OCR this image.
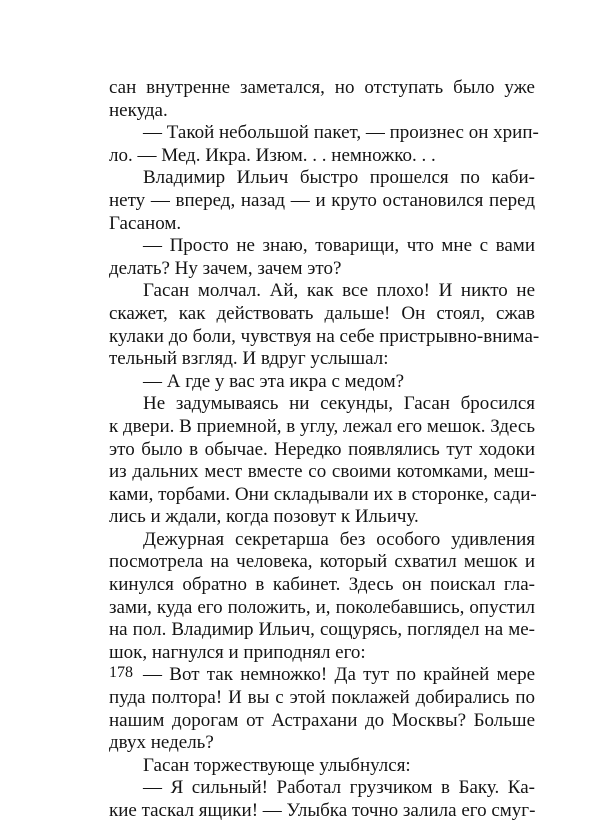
сан внутренне заметался, но отступать было уже
некуда.
— Такой небольшой пакет, — произнес он хрип-
ло. — Мед. Икра. Изюм. . . немножко. . .
Владимир Ильич быстро прошелся по каби-
нету — вперед, назад — и круто остановился перед
Гасаном.
— Просто не знаю, товарищи, что мне с вами
делать? Ну зачем, зачем это?
Гасан молчал. Ай, как все плохо! И никто не
скажет, как действовать дальше! Он стоял, сжав
кулаки до боли, чувствуя на себе пристрывно-внима-
тельный взгляд. И вдруг услышал:
— А где у вас эта икра с медом?
Не задумываясь ни секунды, Гасан бросился
к двери. В приемной, в углу, лежал его мешок. Здесь
это было в обычае. Нередко появлялись тут ходоки
из дальних мест вместе со своими котомками, меш-
ками, торбами. Они складывали их в сторонке, сади-
лись и ждали, когда позовут к Ильичу.
Дежурная секретарша без особого удивления
посмотрела на человека, который схватил мешок и
кинулся обратно в кабинет. Здесь он поискал гла-
зами, куда его положить, и, поколебавшись, опустил
на пол. Владимир Ильич, сощурясь, поглядел на ме-
шок, нагнулся и приподнял его:
— Вот так немножко! Да тут по крайней мере
пуда полтора! И вы с этой поклажей добирались по
нашим дорогам от Астрахани до Москвы? Больше
двух недель?
Гасан торжествующе улыбнулся:
— Я сильный! Работал грузчиком в Баку. Ка-
кие таскал ящики! — Улыбка точно залила его смуг-
178
